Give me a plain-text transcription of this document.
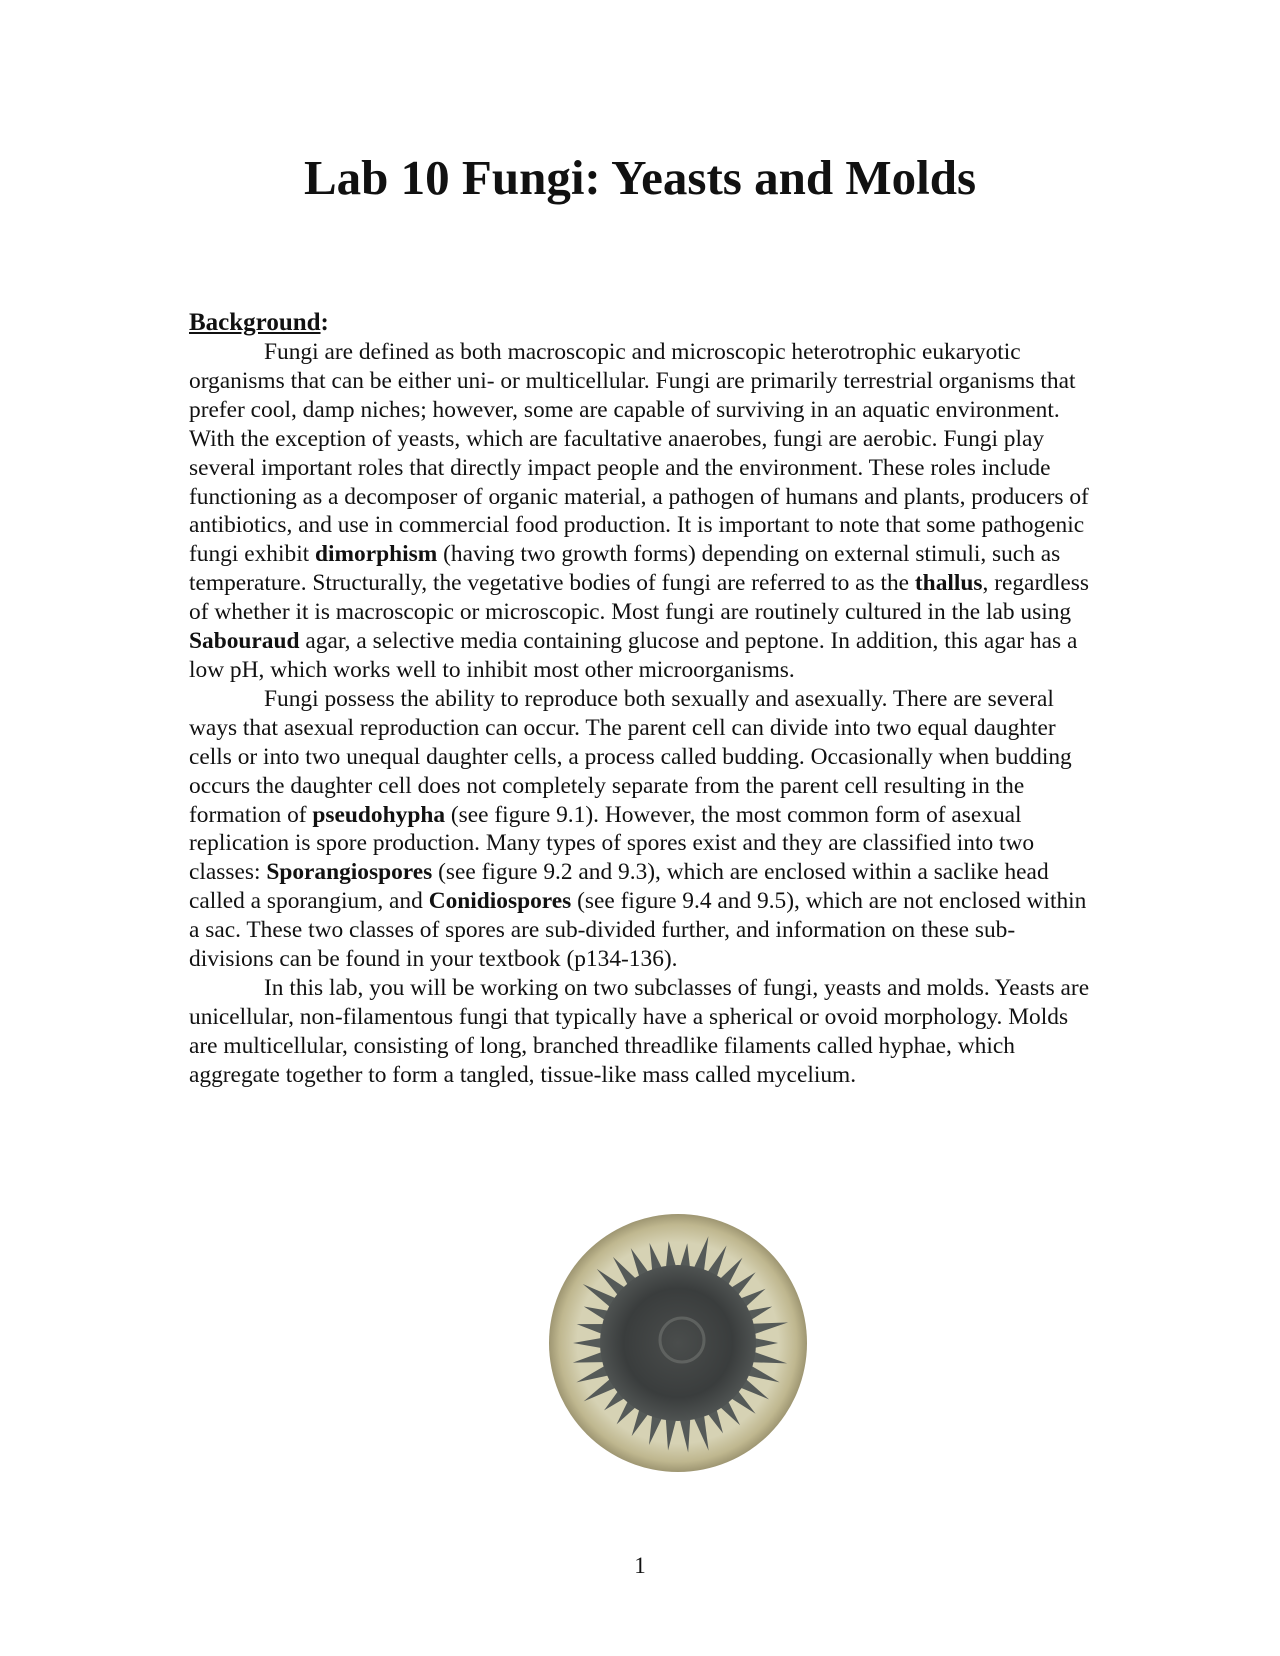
Lab 10 Fungi: Yeasts and Molds
Background:

Fungi are defined as both macroscopic and microscopic heterotrophic eukaryotic organisms that can be either uni- or multicellular. Fungi are primarily terrestrial organisms that prefer cool, damp niches; however, some are capable of surviving in an aquatic environment. With the exception of yeasts, which are facultative anaerobes, fungi are aerobic. Fungi play several important roles that directly impact people and the environment. These roles include functioning as a decomposer of organic material, a pathogen of humans and plants, producers of antibiotics, and use in commercial food production. It is important to note that some pathogenic fungi exhibit dimorphism (having two growth forms) depending on external stimuli, such as temperature. Structurally, the vegetative bodies of fungi are referred to as the thallus, regardless of whether it is macroscopic or microscopic. Most fungi are routinely cultured in the lab using Sabouraud agar, a selective media containing glucose and peptone. In addition, this agar has a low pH, which works well to inhibit most other microorganisms.

Fungi possess the ability to reproduce both sexually and asexually. There are several ways that asexual reproduction can occur. The parent cell can divide into two equal daughter cells or into two unequal daughter cells, a process called budding. Occasionally when budding occurs the daughter cell does not completely separate from the parent cell resulting in the formation of pseudohypha (see figure 9.1). However, the most common form of asexual replication is spore production. Many types of spores exist and they are classified into two classes: Sporangiospores (see figure 9.2 and 9.3), which are enclosed within a saclike head called a sporangium, and Conidiospores (see figure 9.4 and 9.5), which are not enclosed within a sac. These two classes of spores are sub-divided further, and information on these sub-divisions can be found in your textbook (p134-136).

In this lab, you will be working on two subclasses of fungi, yeasts and molds. Yeasts are unicellular, non-filamentous fungi that typically have a spherical or ovoid morphology. Molds are multicellular, consisting of long, branched threadlike filaments called hyphae, which aggregate together to form a tangled, tissue-like mass called mycelium.

1
